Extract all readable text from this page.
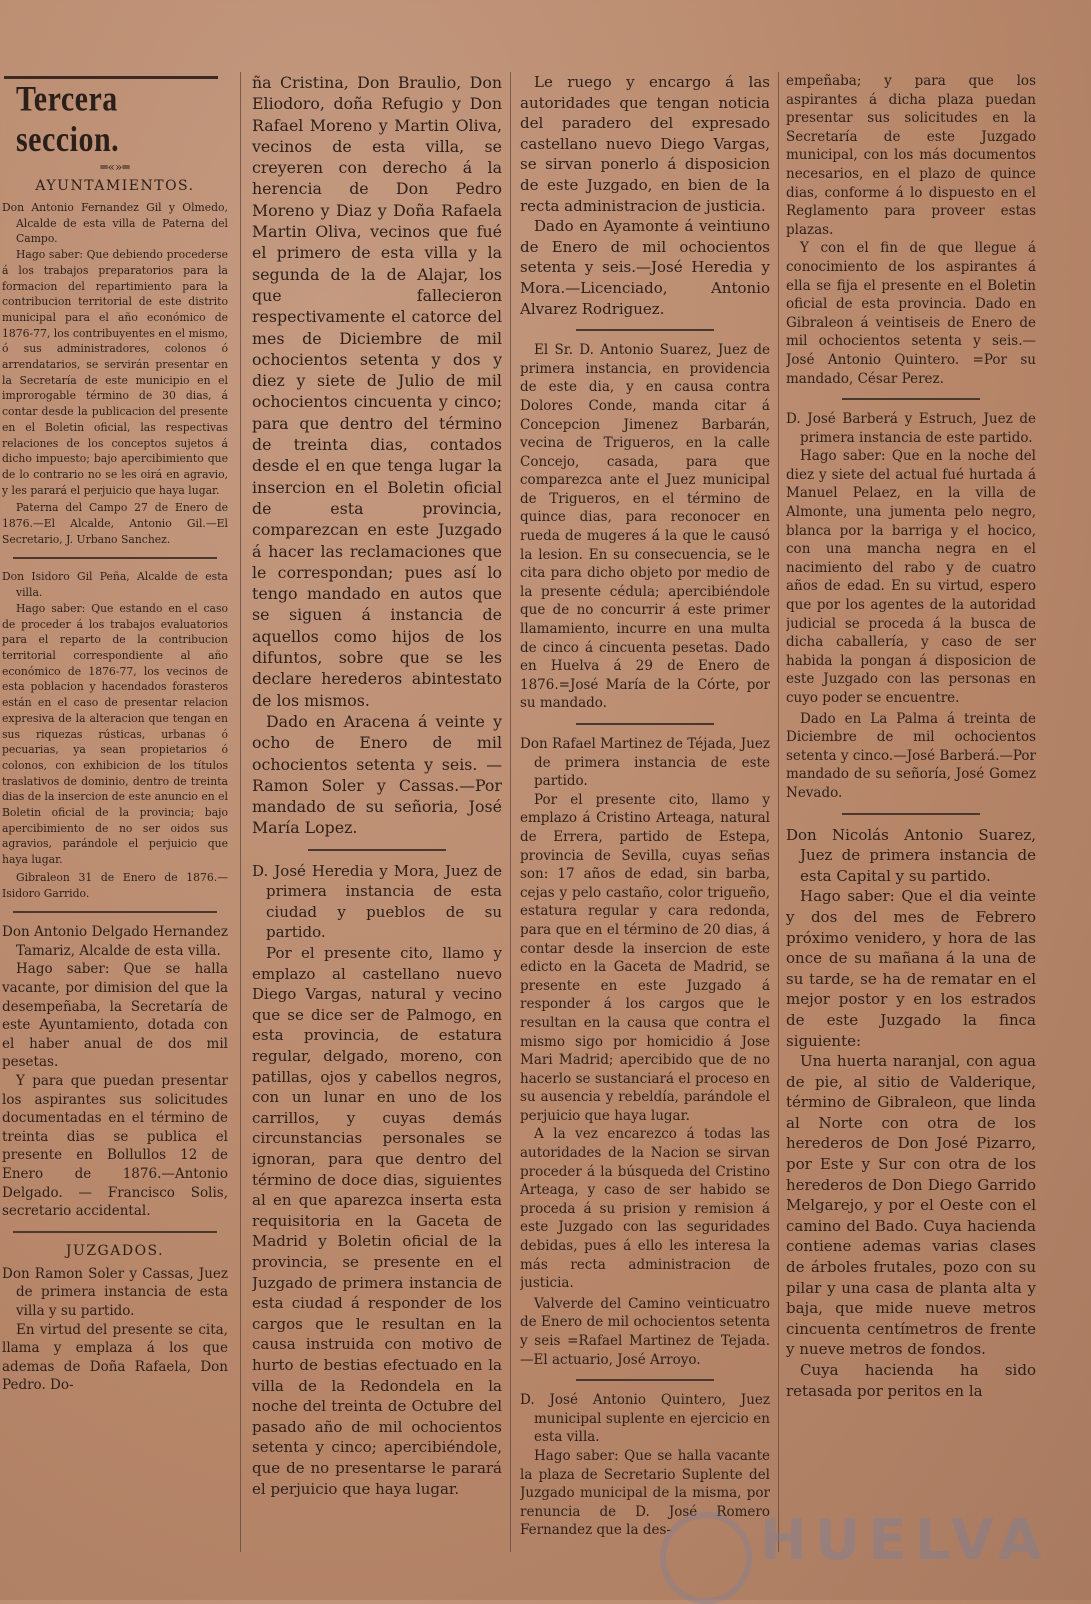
Tercera seccion.
═«»═
AYUNTAMIENTOS.

Don Antonio Fernandez Gil y Olmedo, Alcalde de esta villa de Paterna del Campo.

Hago saber: Que debiendo procederse á los trabajos preparatorios para la formacion del repartimiento para la contribucion territorial de este distrito municipal para el año económico de 1876-77, los contribuyentes en el mismo, ó sus administradores, colonos ó arrendatarios, se servirán presentar en la Secretaría de este municipio en el improrogable término de 30 dias, á contar desde la publicacion del presente en el Boletin oficial, las respectivas relaciones de los conceptos sujetos á dicho impuesto; bajo apercibimiento que de lo contrario no se les oirá en agravio, y les parará el perjuicio que haya lugar.

Paterna del Campo 27 de Enero de 1876.—El Alcalde, Antonio Gil.—El Secretario, J. Urbano Sanchez.

Don Isidoro Gil Peña, Alcalde de esta villa.

Hago saber: Que estando en el caso de proceder á los trabajos evaluatorios para el reparto de la contribucion territorial correspondiente al año económico de 1876-77, los vecinos de esta poblacion y hacendados forasteros están en el caso de presentar relacion expresiva de la alteracion que tengan en sus riquezas rústicas, urbanas ó pecuarias, ya sean propietarios ó colonos, con exhibicion de los títulos traslativos de dominio, dentro de treinta dias de la insercion de este anuncio en el Boletin oficial de la provincia; bajo apercibimiento de no ser oidos sus agravios, parándole el perjuicio que haya lugar.

Gibraleon 31 de Enero de 1876.—Isidoro Garrido.

Don Antonio Delgado Hernandez Tamariz, Alcalde de esta villa.

Hago saber: Que se halla vacante, por dimision del que la desempeñaba, la Secretaría de este Ayuntamiento, dotada con el haber anual de dos mil pesetas.

Y para que puedan presentar los aspirantes sus solicitudes documentadas en el término de treinta dias se publica el presente en Bollullos 12 de Enero de 1876.—Antonio Delgado. — Francisco Solis, secretario accidental.

JUZGADOS.

Don Ramon Soler y Cassas, Juez de primera instancia de esta villa y su partido.

En virtud del presente se cita, llama y emplaza á los que ademas de Doña Rafaela, Don Pedro. Do-

ña Cristina, Don Braulio, Don Eliodoro, doña Refugio y Don Rafael Moreno y Martin Oliva, vecinos de esta villa, se creyeren con derecho á la herencia de Don Pedro Moreno y Diaz y Doña Rafaela Martin Oliva, vecinos que fué el primero de esta villa y la segunda de la de Alajar, los que fallecieron respectivamente el catorce del mes de Diciembre de mil ochocientos setenta y dos y diez y siete de Julio de mil ochocientos cincuenta y cinco; para que dentro del término de treinta dias, contados desde el en que tenga lugar la insercion en el Boletin oficial de esta provincia, comparezcan en este Juzgado á hacer las reclamaciones que le correspondan; pues así lo tengo mandado en autos que se siguen á instancia de aquellos como hijos de los difuntos, sobre que se les declare herederos abintestato de los mismos.

Dado en Aracena á veinte y ocho de Enero de mil ochocientos setenta y seis. —Ramon Soler y Cassas.—Por mandado de su señoria, José María Lopez.

D. José Heredia y Mora, Juez de primera instancia de esta ciudad y pueblos de su partido.

Por el presente cito, llamo y emplazo al castellano nuevo Diego Vargas, natural y vecino que se dice ser de Palmogo, en esta provincia, de estatura regular, delgado, moreno, con patillas, ojos y cabellos negros, con un lunar en uno de los carrillos, y cuyas demás circunstancias personales se ignoran, para que dentro del término de doce dias, siguientes al en que aparezca inserta esta requisitoria en la Gaceta de Madrid y Boletin oficial de la provincia, se presente en el Juzgado de primera instancia de esta ciudad á responder de los cargos que le resultan en la causa instruida con motivo de hurto de bestias efectuado en la villa de la Redondela en la noche del treinta de Octubre del pasado año de mil ochocientos setenta y cinco; apercibiéndole, que de no presentarse le parará el perjuicio que haya lugar.

Le ruego y encargo á las autoridades que tengan noticia del paradero del expresado castellano nuevo Diego Vargas, se sirvan ponerlo á disposicion de este Juzgado, en bien de la recta administracion de justicia.

Dado en Ayamonte á veintiuno de Enero de mil ochocientos setenta y seis.—José Heredia y Mora.—Licenciado, Antonio Alvarez Rodriguez.

El Sr. D. Antonio Suarez, Juez de primera instancia, en providencia de este dia, y en causa contra Dolores Conde, manda citar á Concepcion Jimenez Barbarán, vecina de Trigueros, en la calle Concejo, casada, para que comparezca ante el Juez municipal de Trigueros, en el término de quince dias, para reconocer en rueda de mugeres á la que le causó la lesion. En su consecuencia, se le cita para dicho objeto por medio de la presente cédula; apercibiéndole que de no concurrir á este primer llamamiento, incurre en una multa de cinco á cincuenta pesetas. Dado en Huelva á 29 de Enero de 1876.=José María de la Córte, por su mandado.

Don Rafael Martinez de Téjada, Juez de primera instancia de este partido.

Por el presente cito, llamo y emplazo á Cristino Arteaga, natural de Errera, partido de Estepa, provincia de Sevilla, cuyas señas son: 17 años de edad, sin barba, cejas y pelo castaño, color trigueño, estatura regular y cara redonda, para que en el término de 20 dias, á contar desde la insercion de este edicto en la Gaceta de Madrid, se presente en este Juzgado á responder á los cargos que le resultan en la causa que contra el mismo sigo por homicidio á Jose Mari Madrid; apercibido que de no hacerlo se sustanciará el proceso en su ausencia y rebeldía, parándole el perjuicio que haya lugar.

A la vez encarezco á todas las autoridades de la Nacion se sirvan proceder á la búsqueda del Cristino Arteaga, y caso de ser habido se proceda á su prision y remision á este Juzgado con las seguridades debidas, pues á ello les interesa la más recta administracion de justicia.

Valverde del Camino veinticuatro de Enero de mil ochocientos setenta y seis =Rafael Martinez de Tejada.—El actuario, José Arroyo.

D. José Antonio Quintero, Juez municipal suplente en ejercicio en esta villa.

Hago saber: Que se halla vacante la plaza de Secretario Suplente del Juzgado municipal de la misma, por renuncia de D. José Romero Fernandez que la des-

empeñaba; y para que los aspirantes á dicha plaza puedan presentar sus solicitudes en la Secretaría de este Juzgado municipal, con los más documentos necesarios, en el plazo de quince dias, conforme á lo dispuesto en el Reglamento para proveer estas plazas.

Y con el fin de que llegue á conocimiento de los aspirantes á ella se fija el presente en el Boletin oficial de esta provincia. Dado en Gibraleon á veintiseis de Enero de mil ochocientos setenta y seis.—José Antonio Quintero. =Por su mandado, César Perez.

D. José Barberá y Estruch, Juez de primera instancia de este partido.

Hago saber: Que en la noche del diez y siete del actual fué hurtada á Manuel Pelaez, en la villa de Almonte, una jumenta pelo negro, blanca por la barriga y el hocico, con una mancha negra en el nacimiento del rabo y de cuatro años de edad. En su virtud, espero que por los agentes de la autoridad judicial se proceda á la busca de dicha caballería, y caso de ser habida la pongan á disposicion de este Juzgado con las personas en cuyo poder se encuentre.

Dado en La Palma á treinta de Diciembre de mil ochocientos setenta y cinco.—José Barberá.—Por mandado de su señoría, José Gomez Nevado.

Don Nicolás Antonio Suarez, Juez de primera instancia de esta Capital y su partido.

Hago saber: Que el dia veinte y dos del mes de Febrero próximo venidero, y hora de las once de su mañana á la una de su tarde, se ha de rematar en el mejor postor y en los estrados de este Juzgado la finca siguiente:

Una huerta naranjal, con agua de pie, al sitio de Valderique, término de Gibraleon, que linda al Norte con otra de los herederos de Don José Pizarro, por Este y Sur con otra de los herederos de Don Diego Garrido Melgarejo, y por el Oeste con el camino del Bado. Cuya hacienda contiene ademas varias clases de árboles frutales, pozo con su pilar y una casa de planta alta y baja, que mide nueve metros cincuenta centímetros de frente y nueve metros de fondos.

Cuya hacienda ha sido retasada por peritos en la

HUELVA
